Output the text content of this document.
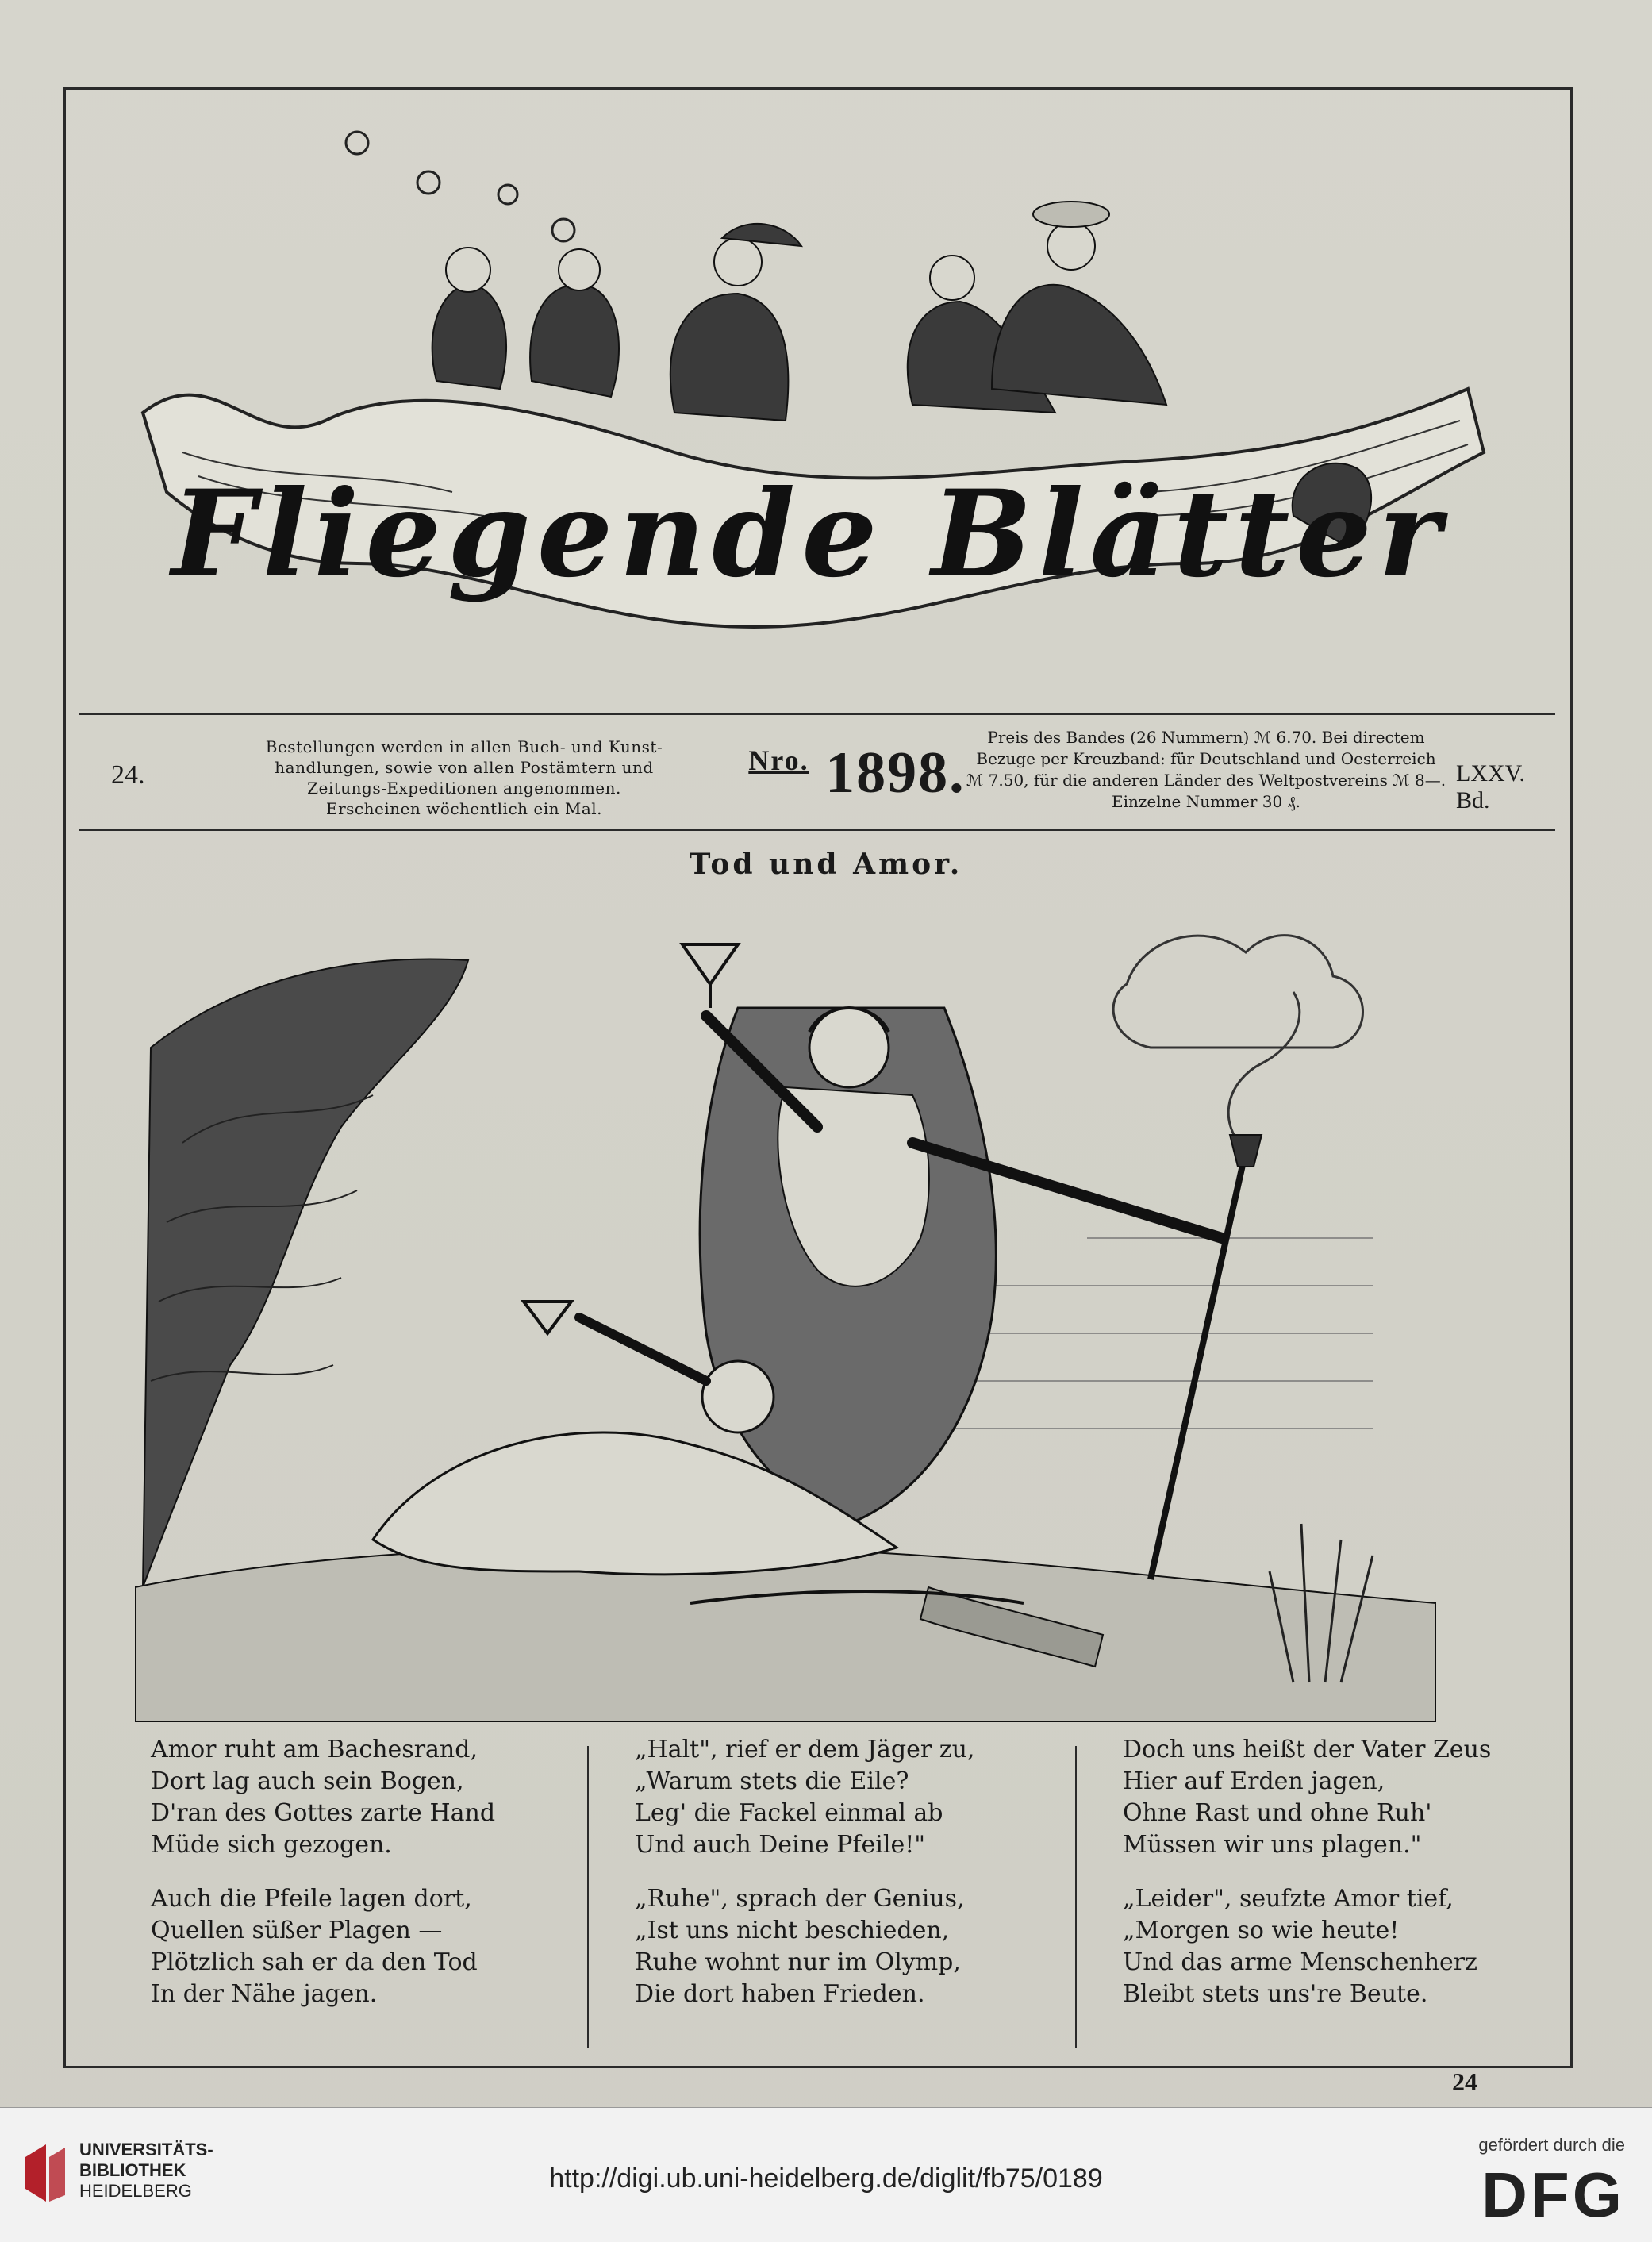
Fliegende Blätter
24.
Bestellungen werden in allen Buch- und Kunst-
handlungen, sowie von allen Postämtern und
Zeitungs-Expeditionen angenommen.
Erscheinen wöchentlich ein Mal.
$^{Nro.}$ 1898.
Preis des Bandes (26 Nummern) ℳ 6.70. Bei directem
Bezuge per Kreuzband: für Deutschland und Oesterreich
ℳ 7.50, für die anderen Länder des Weltpostvereins ℳ 8—.
Einzelne Nummer 30 ₰.
LXXV. Bd.
Tod und Amor.
Amor ruht am Bachesrand,
Dort lag auch sein Bogen,
D'ran des Gottes zarte Hand
Müde sich gezogen.
Auch die Pfeile lagen dort,
Quellen süßer Plagen —
Plötzlich sah er da den Tod
In der Nähe jagen.
„Halt", rief er dem Jäger zu,
„Warum stets die Eile?
Leg' die Fackel einmal ab
Und auch Deine Pfeile!"
„Ruhe", sprach der Genius,
„Ist uns nicht beschieden,
Ruhe wohnt nur im Olymp,
Die dort haben Frieden.
Doch uns heißt der Vater Zeus
Hier auf Erden jagen,
Ohne Rast und ohne Ruh'
Müssen wir uns plagen."
„Leider", seufzte Amor tief,
„Morgen so wie heute!
Und das arme Menschenherz
Bleibt stets uns're Beute.
24
UNIVERSITÄTS-
BIBLIOTHEK
HEIDELBERG	http://digi.ub.uni-heidelberg.de/diglit/fb75/0189
gefördert durch die
DFG
